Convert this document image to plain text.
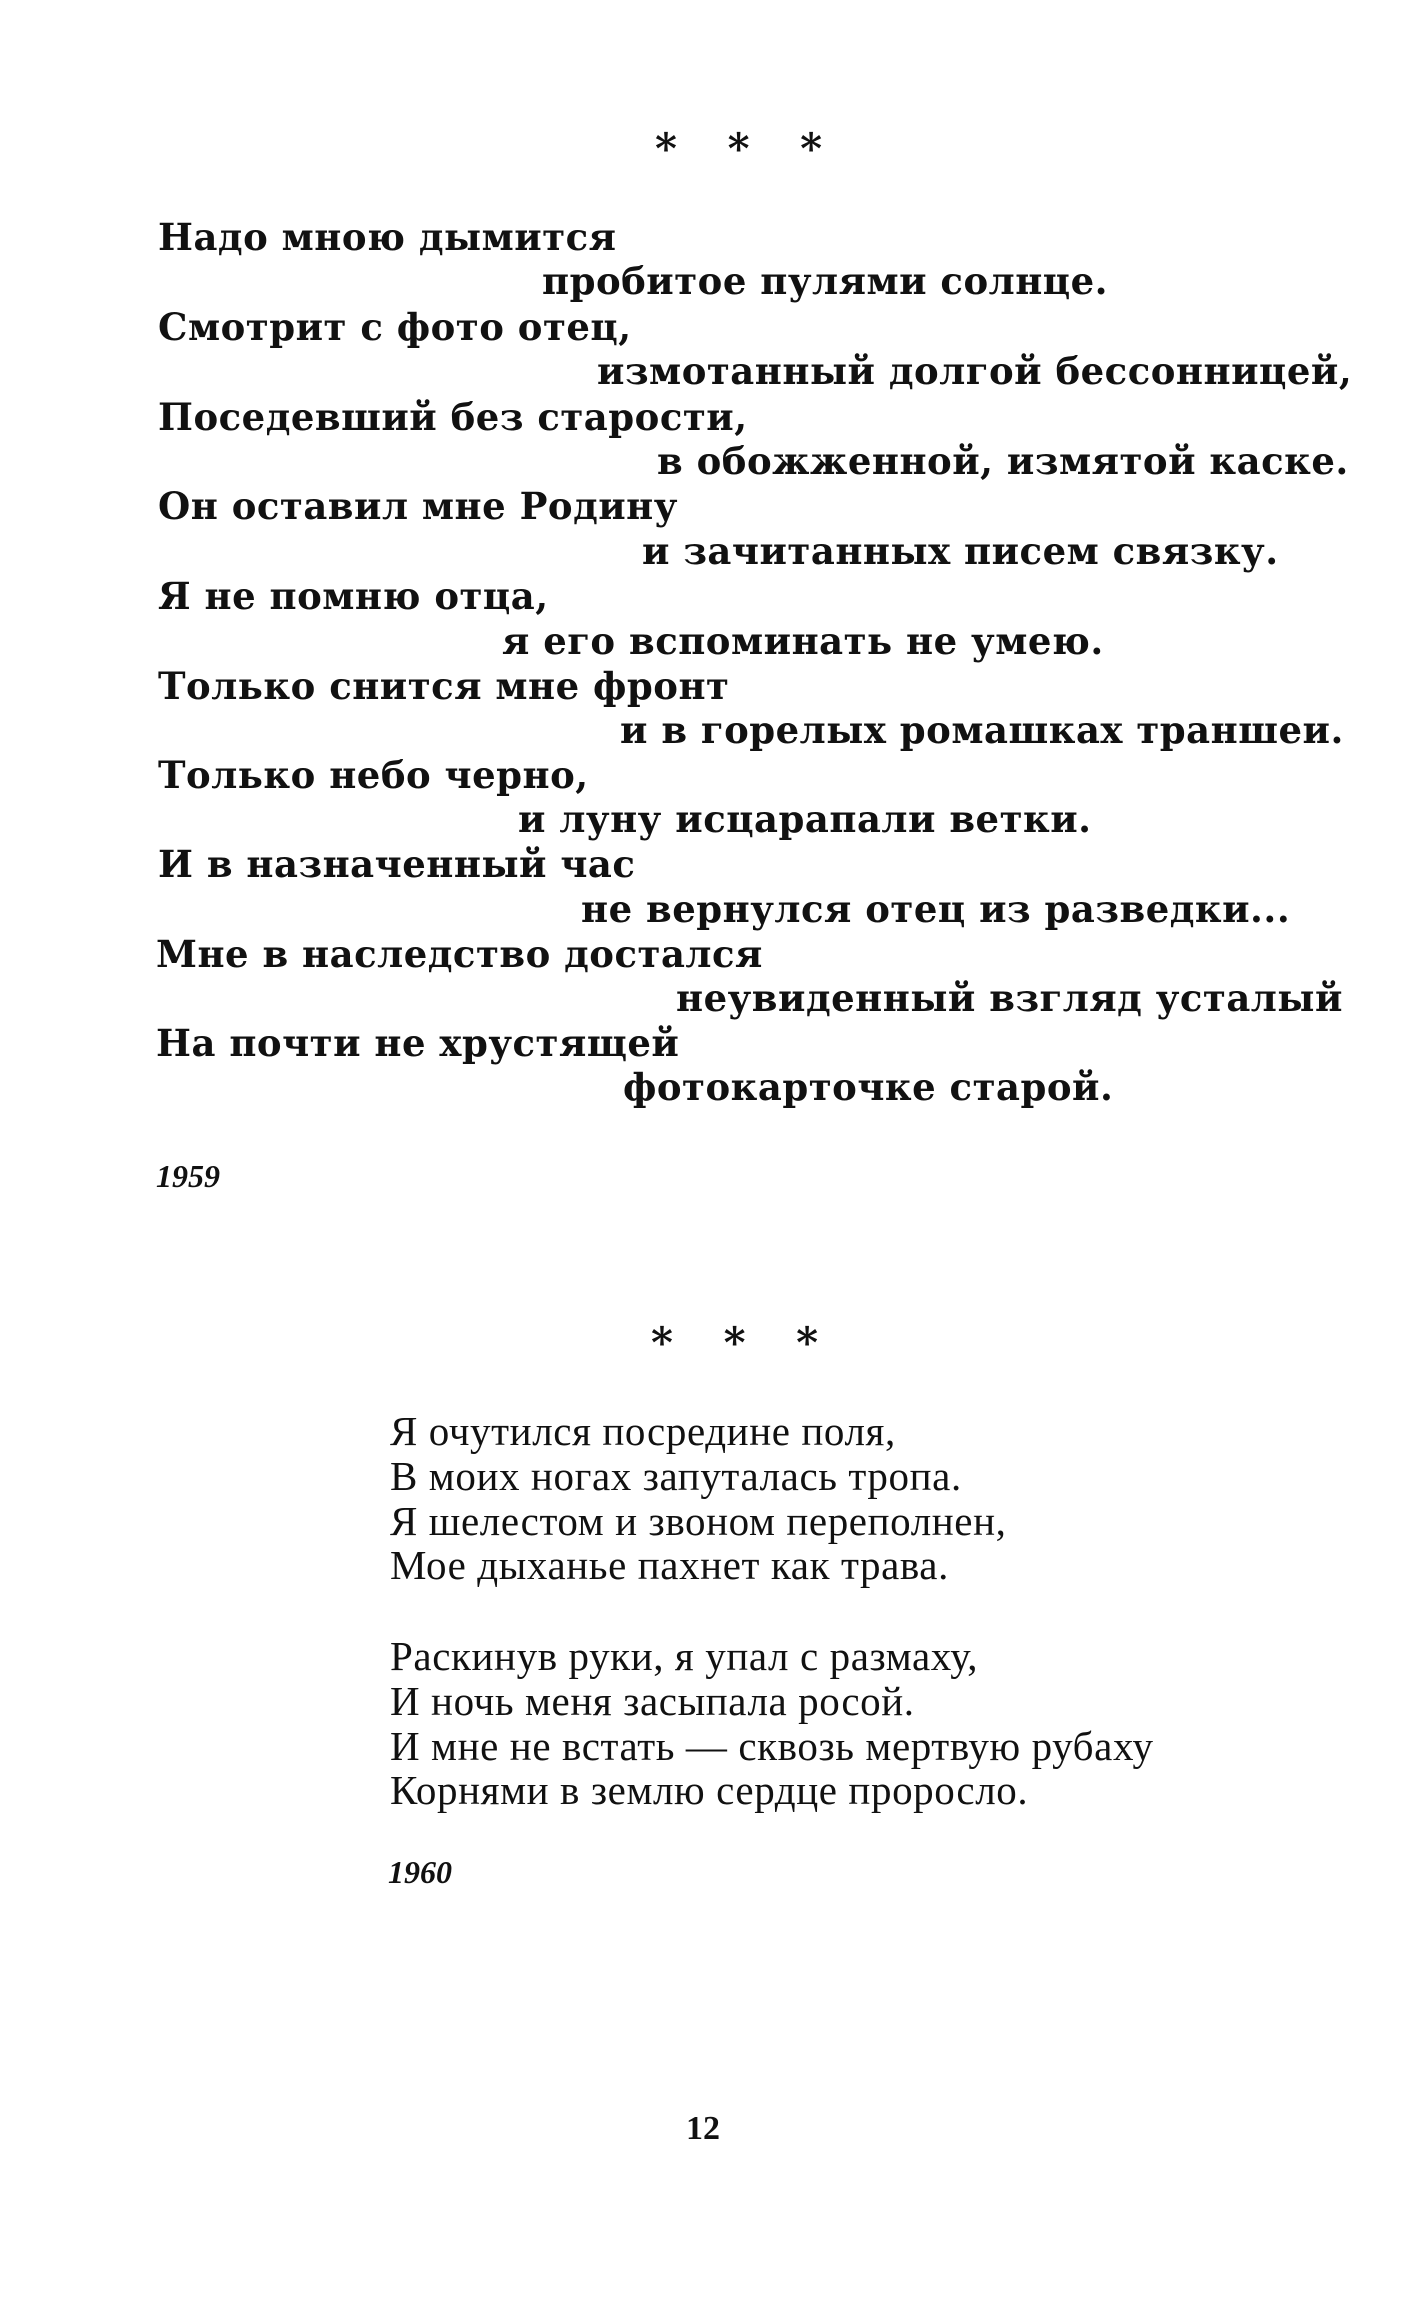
* * *
Надо мною дымится
пробитое пулями солнце.
Смотрит с фото отец,
измотанный долгой бессонницей,
Поседевший без старости,
в обожженной, измятой каске.
Он оставил мне Родину
и зачитанных писем связку.
Я не помню отца,
я его вспоминать не умею.
Только снится мне фронт
и в горелых ромашках траншеи.
Только небо черно,
и луну исцарапали ветки.
И в назначенный час
не вернулся отец из разведки...
Мне в наследство достался
неувиденный взгляд усталый
На почти не хрустящей
фотокарточке старой.
1959
* * *
Я очутился посредине поля,
В моих ногах запуталась тропа.
Я шелестом и звоном переполнен,
Мое дыханье пахнет как трава.
Раскинув руки, я упал с размаху,
И ночь меня засыпала росой.
И мне не встать — сквозь мертвую рубаху
Корнями в землю сердце проросло.
1960
12
